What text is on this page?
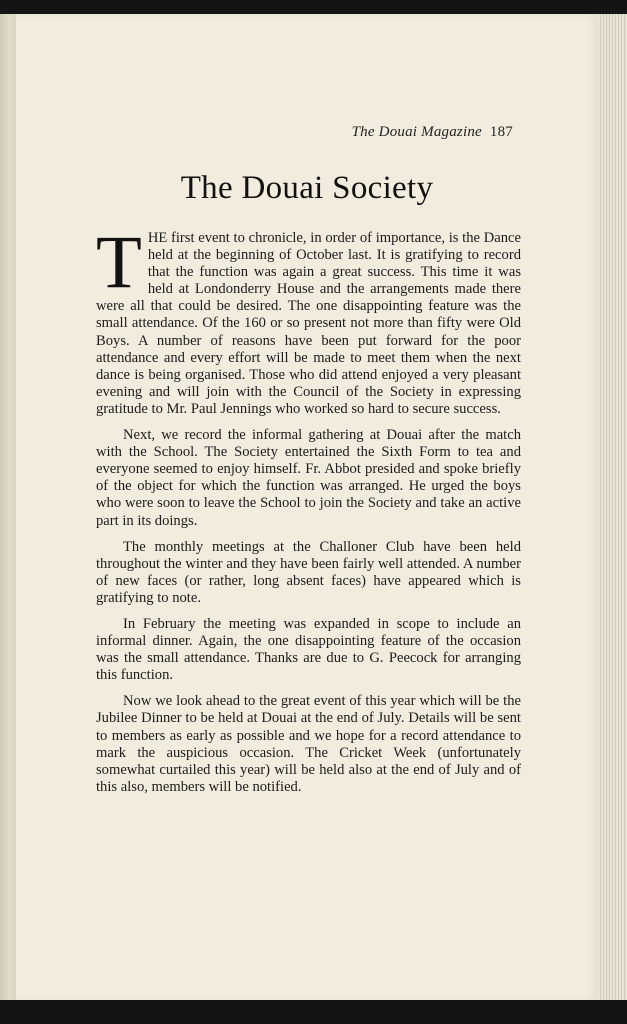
The Douai Magazine 187
The Douai Society

THE first event to chronicle, in order of importance, is the Dance held at the beginning of October last. It is gratifying to record that the function was again a great success. This time it was held at Londonderry House and the arrangements made there were all that could be desired. The one disappointing feature was the small attendance. Of the 160 or so present not more than fifty were Old Boys. A number of reasons have been put forward for the poor attendance and every effort will be made to meet them when the next dance is being organised. Those who did attend enjoyed a very pleasant evening and will join with the Council of the Society in expressing gratitude to Mr. Paul Jennings who worked so hard to secure success.

Next, we record the informal gathering at Douai after the match with the School. The Society entertained the Sixth Form to tea and everyone seemed to enjoy himself. Fr. Abbot presided and spoke briefly of the object for which the function was arranged. He urged the boys who were soon to leave the School to join the Society and take an active part in its doings.

The monthly meetings at the Challoner Club have been held throughout the winter and they have been fairly well attended. A number of new faces (or rather, long absent faces) have appeared which is gratifying to note.

In February the meeting was expanded in scope to include an informal dinner. Again, the one disappointing feature of the occasion was the small attendance. Thanks are due to G. Peecock for arranging this function.

Now we look ahead to the great event of this year which will be the Jubilee Dinner to be held at Douai at the end of July. Details will be sent to members as early as possible and we hope for a record attendance to mark the auspicious occasion. The Cricket Week (unfortunately somewhat curtailed this year) will be held also at the end of July and of this also, members will be notified.
